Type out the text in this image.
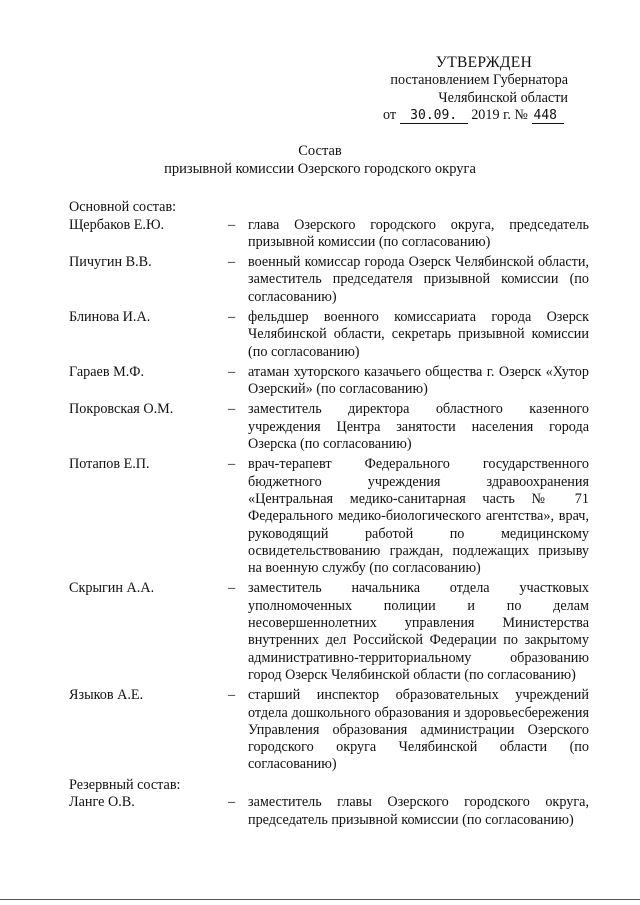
УТВЕРЖДЕН
постановлением Губернатора
Челябинской области
от 30.09. 2019 г. № 448
Состав
призывной комиссии Озерского городского округа
Основной состав:
Щербаков Е.Ю.	– глава Озерского городского округа, председатель призывной комиссии (по согласованию)
Пичугин В.В.	– военный комиссар города Озерск Челябинской области, заместитель председателя призывной комиссии (по согласованию)
Блинова И.А.	– фельдшер военного комиссариата города Озерск Челябинской области, секретарь призывной комиссии (по согласованию)
Гараев М.Ф.	– атаман хуторского казачьего общества г. Озерск «Хутор Озерский» (по согласованию)
Покровская О.М.	– заместитель директора областного казенного учреждения Центра занятости населения города Озерска (по согласованию)
Потапов Е.П.	– врач-терапевт Федерального государственного бюджетного учреждения здравоохранения «Центральная медико-санитарная часть № 71 Федерального медико-биологического агентства», врач, руководящий работой по медицинскому освидетельствованию граждан, подлежащих призыву на военную службу (по согласованию)
Скрыгин А.А.	– заместитель начальника отдела участковых уполномоченных полиции и по делам несовершеннолетних управления Министерства внутренних дел Российской Федерации по закрытому административно-территориальному образованию город Озерск Челябинской области (по согласованию)
Языков А.Е.	– старший инспектор образовательных учреждений отдела дошкольного образования и здоровьесбережения Управления образования администрации Озерского городского округа Челябинской области (по согласованию)
Резервный состав:
Ланге О.В.	– заместитель главы Озерского городского округа, председатель призывной комиссии (по согласованию)
